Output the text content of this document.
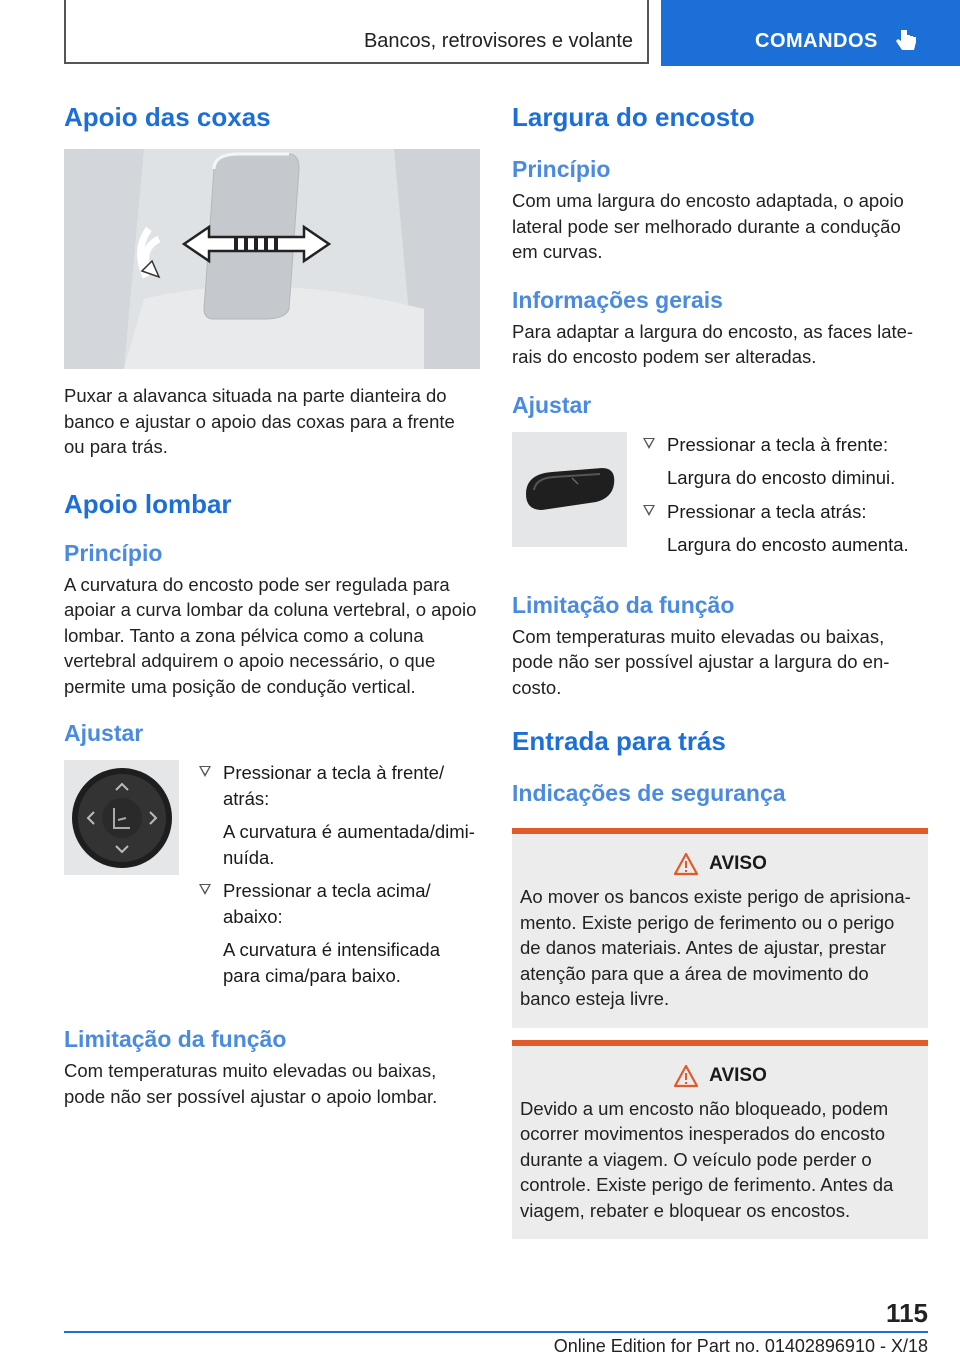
Bancos, retrovisores e volante	COMANDOS
Apoio das coxas

Puxar a alavanca situada na parte dianteira do banco e ajustar o apoio das coxas para a frente ou para trás.

Apoio lombar
Princípio

A curvatura do encosto pode ser regulada para apoiar a curva lombar da coluna vertebral, o apoio lombar. Tanto a zona pélvica como a coluna vertebral adquirem o apoio necessário, o que permite uma posição de condução vertical.

Ajustar
Pressionar a tecla à frente/ atrás:
A curvatura é aumentada/diminuída.
Pressionar a tecla acima/ abaixo:
A curvatura é intensificada para cima/para baixo.
Limitação da função

Com temperaturas muito elevadas ou baixas, pode não ser possível ajustar o apoio lombar.

Largura do encosto
Princípio

Com uma largura do encosto adaptada, o apoio lateral pode ser melhorado durante a condução em curvas.

Informações gerais

Para adaptar a largura do encosto, as faces laterais do encosto podem ser alteradas.

Ajustar
Pressionar a tecla à frente:
Largura do encosto diminui.
Pressionar a tecla atrás:
Largura do encosto aumenta.
Limitação da função

Com temperaturas muito elevadas ou baixas, pode não ser possível ajustar a largura do encosto.

Entrada para trás
Indicações de segurança
AVISO

Ao mover os bancos existe perigo de aprisionamento. Existe perigo de ferimento ou o perigo de danos materiais. Antes de ajustar, prestar atenção para que a área de movimento do banco esteja livre.

AVISO

Devido a um encosto não bloqueado, podem ocorrer movimentos inesperados do encosto durante a viagem. O veículo pode perder o controle. Existe perigo de ferimento. Antes da viagem, rebater e bloquear os encostos.

115
Online Edition for Part no. 01402896910 - X/18
